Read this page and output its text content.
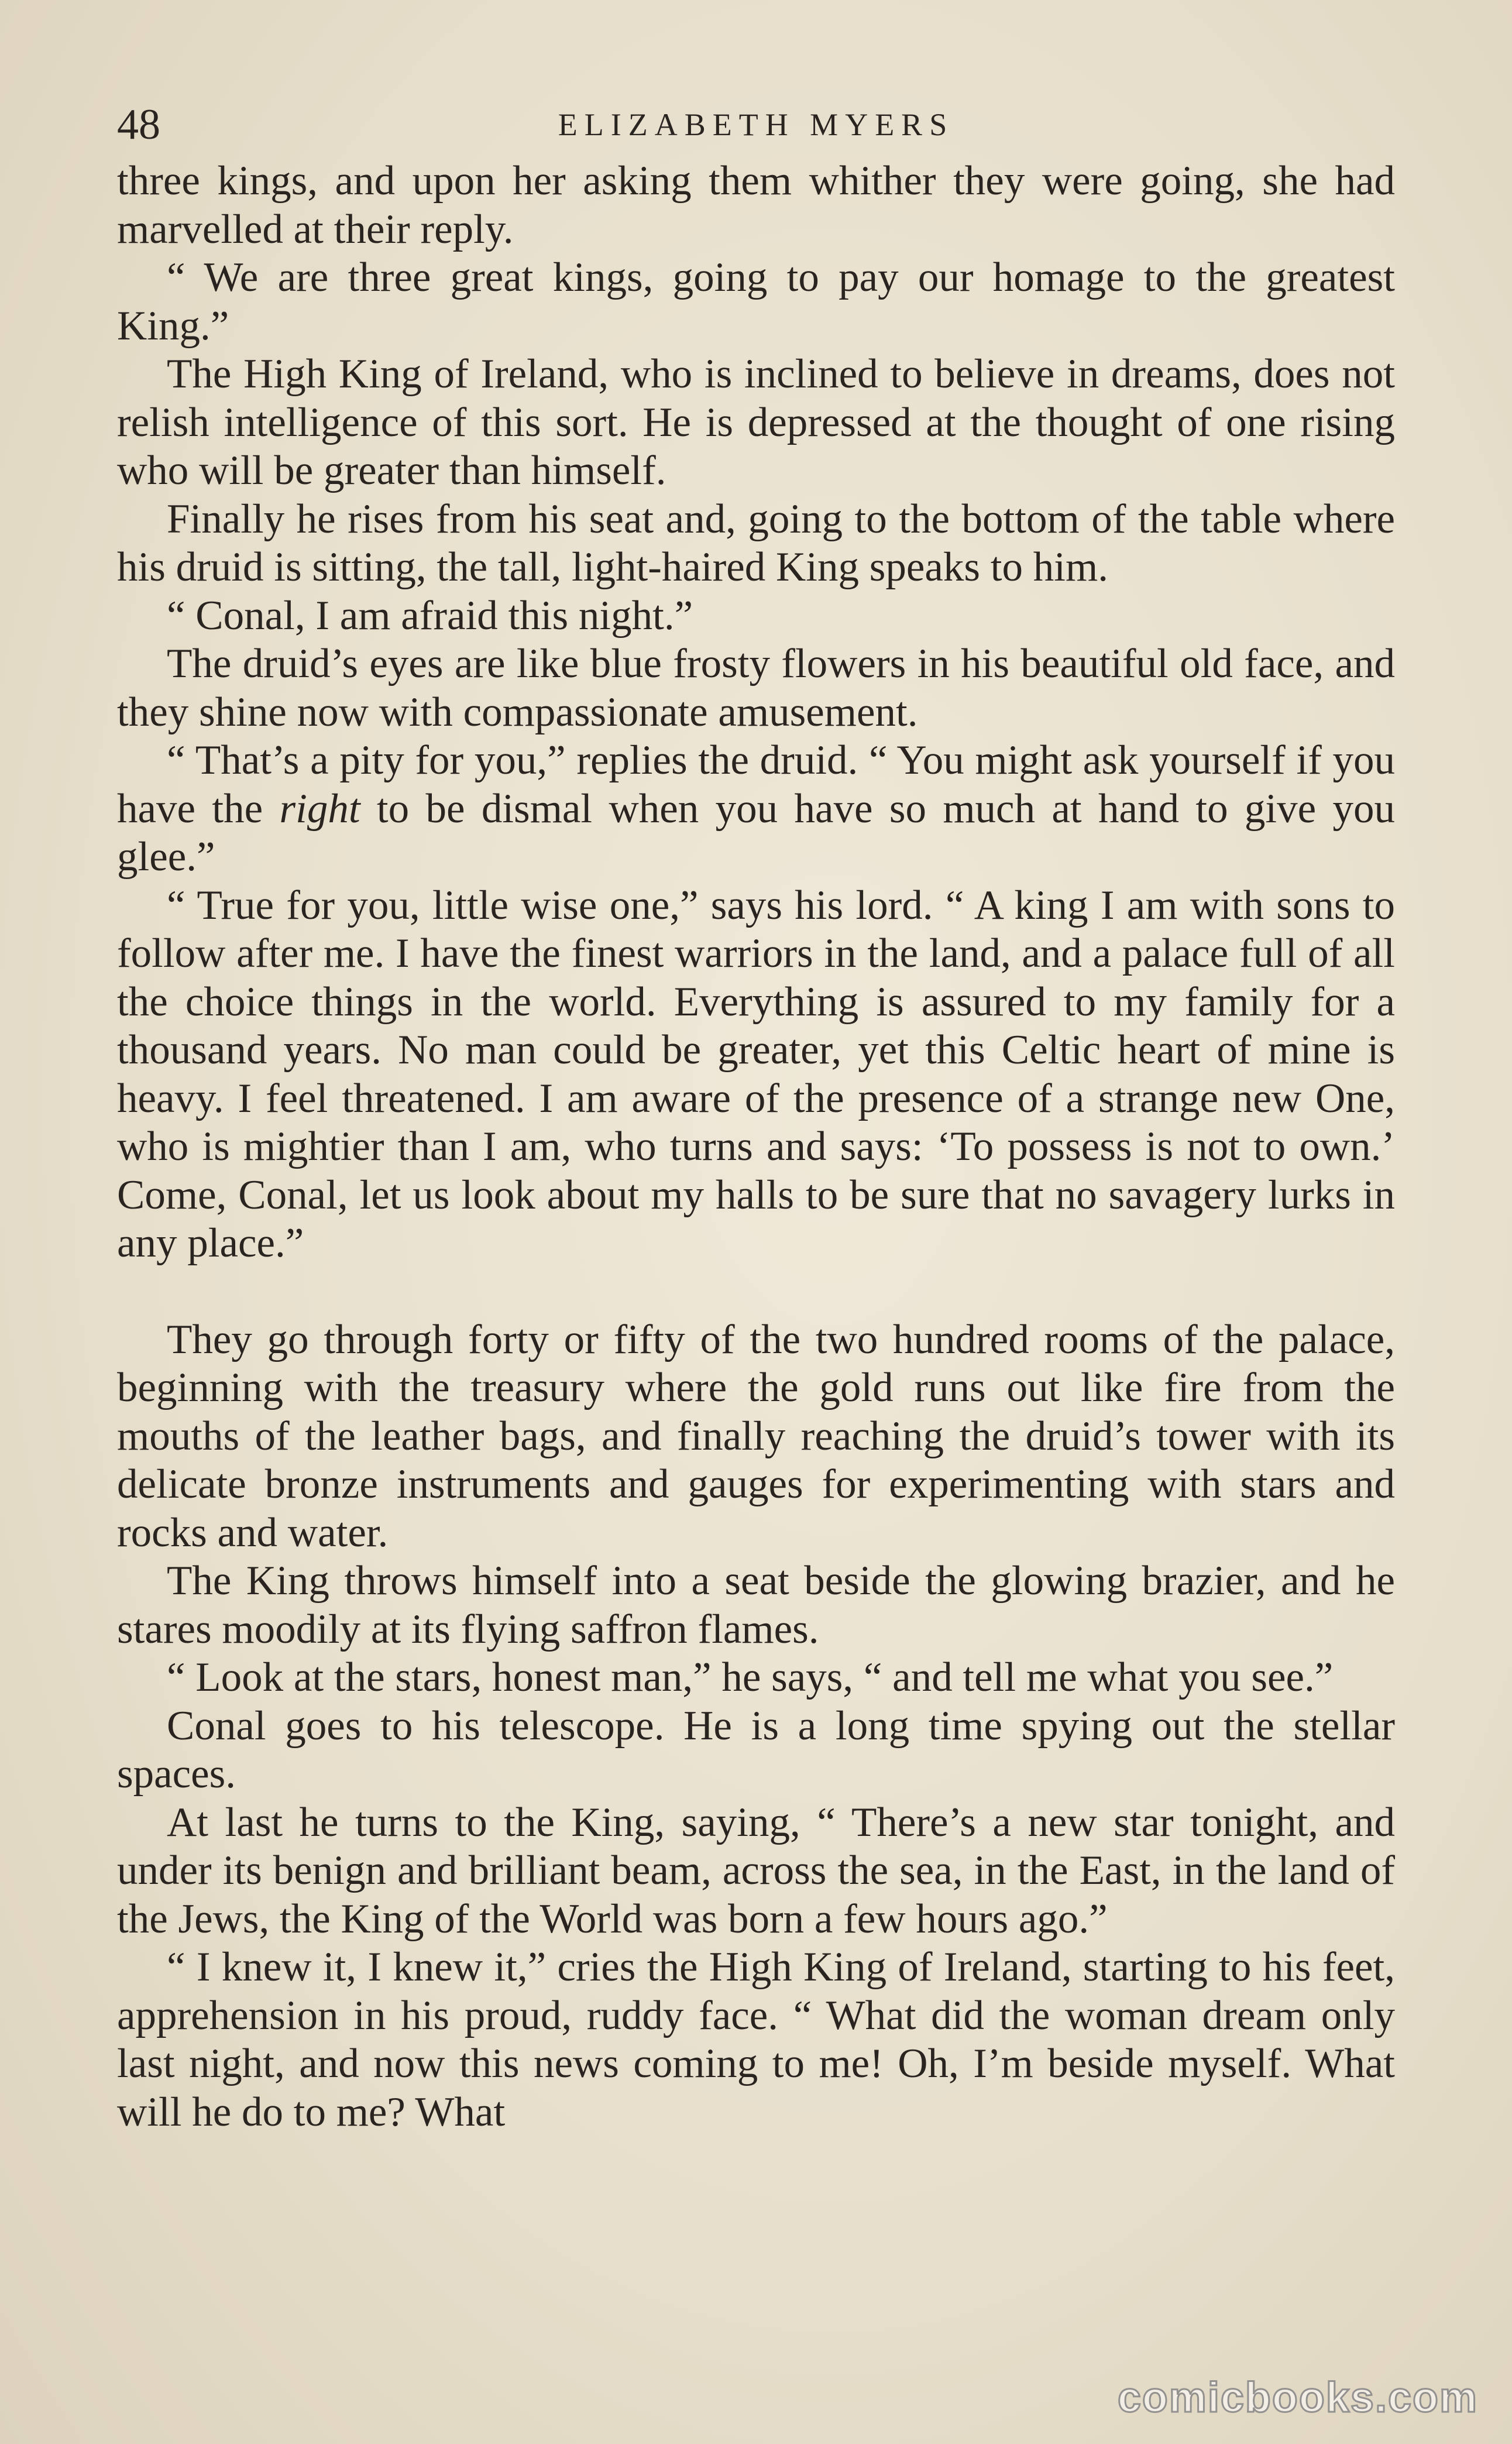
48	ELIZABETH MYERS

three kings, and upon her asking them whither they were going, she had marvelled at their reply.

“ We are three great kings, going to pay our homage to the greatest King.”

The High King of Ireland, who is inclined to believe in dreams, does not relish intelligence of this sort. He is depressed at the thought of one rising who will be greater than himself.

Finally he rises from his seat and, going to the bottom of the table where his druid is sitting, the tall, light-haired King speaks to him.

“ Conal, I am afraid this night.”

The druid’s eyes are like blue frosty flowers in his beautiful old face, and they shine now with compassionate amusement.

“ That’s a pity for you,” replies the druid. “ You might ask yourself if you have the right to be dismal when you have so much at hand to give you glee.”

“ True for you, little wise one,” says his lord. “ A king I am with sons to follow after me. I have the finest warriors in the land, and a palace full of all the choice things in the world. Everything is assured to my family for a thousand years. No man could be greater, yet this Celtic heart of mine is heavy. I feel threatened. I am aware of the presence of a strange new One, who is mightier than I am, who turns and says: ‘To possess is not to own.’ Come, Conal, let us look about my halls to be sure that no savagery lurks in any place.”

They go through forty or fifty of the two hundred rooms of the palace, beginning with the treasury where the gold runs out like fire from the mouths of the leather bags, and finally reaching the druid’s tower with its delicate bronze instruments and gauges for experimenting with stars and rocks and water.

The King throws himself into a seat beside the glowing brazier, and he stares moodily at its flying saffron flames.

“ Look at the stars, honest man,” he says, “ and tell me what you see.”

Conal goes to his telescope. He is a long time spying out the stellar spaces.

At last he turns to the King, saying, “ There’s a new star tonight, and under its benign and brilliant beam, across the sea, in the East, in the land of the Jews, the King of the World was born a few hours ago.”

“ I knew it, I knew it,” cries the High King of Ireland, starting to his feet, apprehension in his proud, ruddy face. “ What did the woman dream only last night, and now this news coming to me! Oh, I’m beside myself. What will he do to me? What

comicbooks.com
